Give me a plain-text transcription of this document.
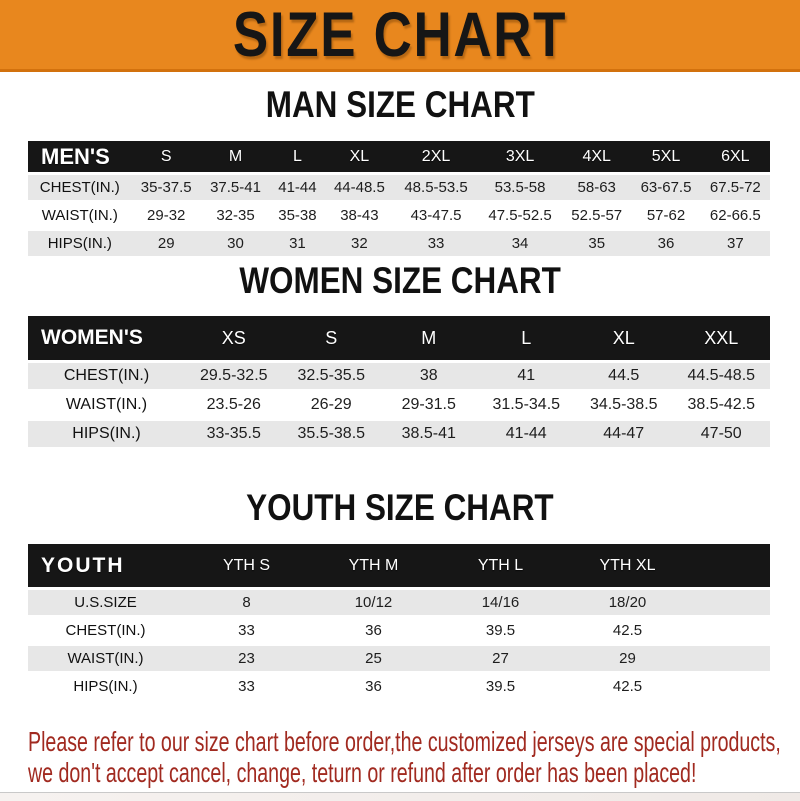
SIZE CHART
MAN SIZE CHART
MEN'S	S	M	L	XL	2XL	3XL	4XL	5XL	6XL
CHEST(IN.)	35-37.5	37.5-41	41-44	44-48.5	48.5-53.5	53.5-58	58-63	63-67.5	67.5-72
WAIST(IN.)	29-32	32-35	35-38	38-43	43-47.5	47.5-52.5	52.5-57	57-62	62-66.5
HIPS(IN.)	29	30	31	32	33	34	35	36	37
WOMEN SIZE CHART
WOMEN'S	XS	S	M	L	XL	XXL
CHEST(IN.)	29.5-32.5	32.5-35.5	38	41	44.5	44.5-48.5
WAIST(IN.)	23.5-26	26-29	29-31.5	31.5-34.5	34.5-38.5	38.5-42.5
HIPS(IN.)	33-35.5	35.5-38.5	38.5-41	41-44	44-47	47-50
YOUTH SIZE CHART
YOUTH	YTH S	YTH M	YTH L	YTH XL	
U.S.SIZE	8	10/12	14/16	18/20	
CHEST(IN.)	33	36	39.5	42.5	
WAIST(IN.)	23	25	27	29	
HIPS(IN.)	33	36	39.5	42.5	

Please refer to our size chart before order,the customized jerseys are special products,
we don't accept cancel, change, teturn or refund after order has been placed!
